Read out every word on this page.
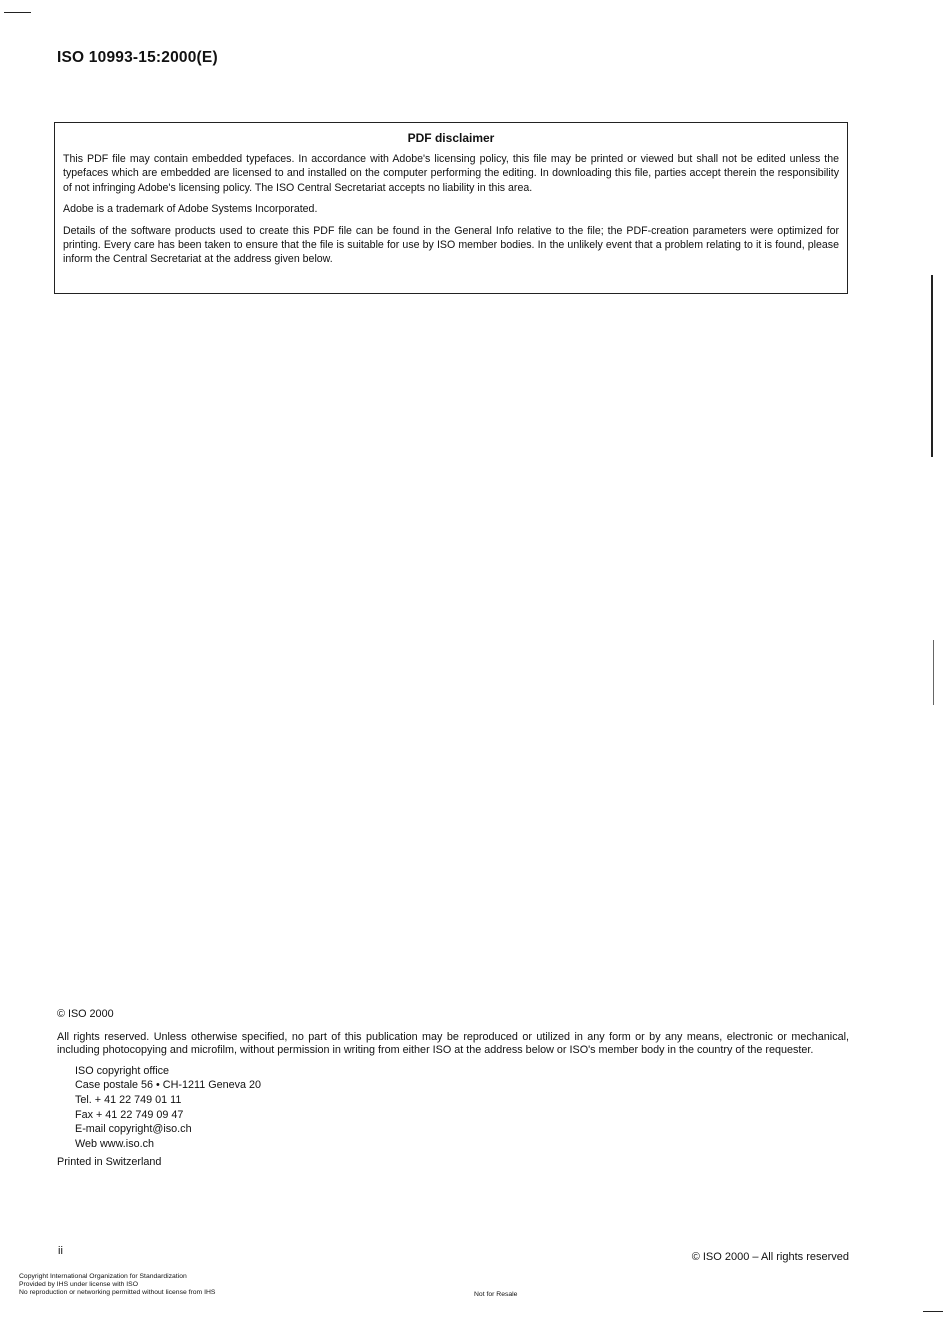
ISO 10993-15:2000(E)
PDF disclaimer

This PDF file may contain embedded typefaces. In accordance with Adobe's licensing policy, this file may be printed or viewed but shall not be edited unless the typefaces which are embedded are licensed to and installed on the computer performing the editing. In downloading this file, parties accept therein the responsibility of not infringing Adobe's licensing policy. The ISO Central Secretariat accepts no liability in this area.

Adobe is a trademark of Adobe Systems Incorporated.

Details of the software products used to create this PDF file can be found in the General Info relative to the file; the PDF-creation parameters were optimized for printing. Every care has been taken to ensure that the file is suitable for use by ISO member bodies. In the unlikely event that a problem relating to it is found, please inform the Central Secretariat at the address given below.

© ISO 2000
All rights reserved. Unless otherwise specified, no part of this publication may be reproduced or utilized in any form or by any means, electronic or mechanical, including photocopying and microfilm, without permission in writing from either ISO at the address below or ISO's member body in the country of the requester.
ISO copyright office
Case postale 56 • CH-1211 Geneva 20
Tel. + 41 22 749 01 11
Fax + 41 22 749 09 47
E-mail copyright@iso.ch
Web www.iso.ch
Printed in Switzerland
ii	© ISO 2000 – All rights reserved
Copyright International Organization for Standardization
Provided by IHS under license with ISO
No reproduction or networking permitted without license from IHS	Not for Resale
